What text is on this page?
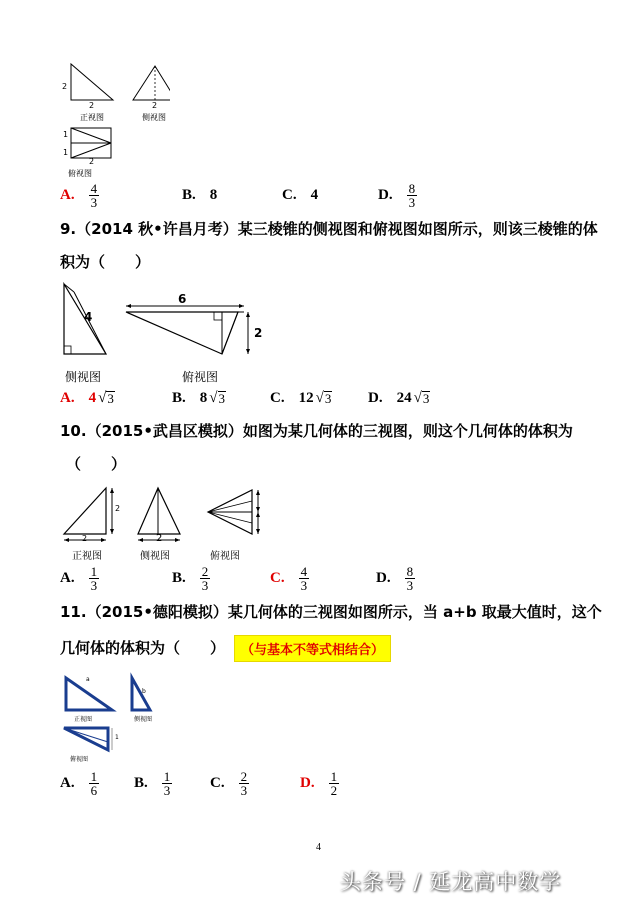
2
2
正视图
2
侧视图
1
1
2
俯视图
A. $\frac{4}{3}$	B. 8	C. 4	D. $\frac{8}{3}$
9.（2014 秋•许昌月考）某三棱锥的侧视图和俯视图如图所示，则该三棱锥的体
积为（　　）
4
侧视图
6
2
俯视图
A. 4 √ 3	B. 8 √ 3	C. 12 √ 3 D. 24 √ 3
10.（2015•武昌区模拟）如图为某几何体的三视图，则这个几何体的体积为
（　　）
2
2
正视图
2
侧视图	俯视图
A. $\frac{1}{3}$	B. $\frac{2}{3}$	C. $\frac{4}{3}$	D. $\frac{8}{3}$
11.（2015•德阳模拟）某几何体的三视图如图所示，当 a+b 取最大值时，这个
几何体的体积为（　　）	（与基本不等式相结合）
a
正视图
b
侧视图
1
俯视图
A. $\frac{1}{6} B$. $\frac{1}{3}$	C. $\frac{2}{3}$	D. $\frac{1}{2}$
4
头条号 / 延龙高中数学
